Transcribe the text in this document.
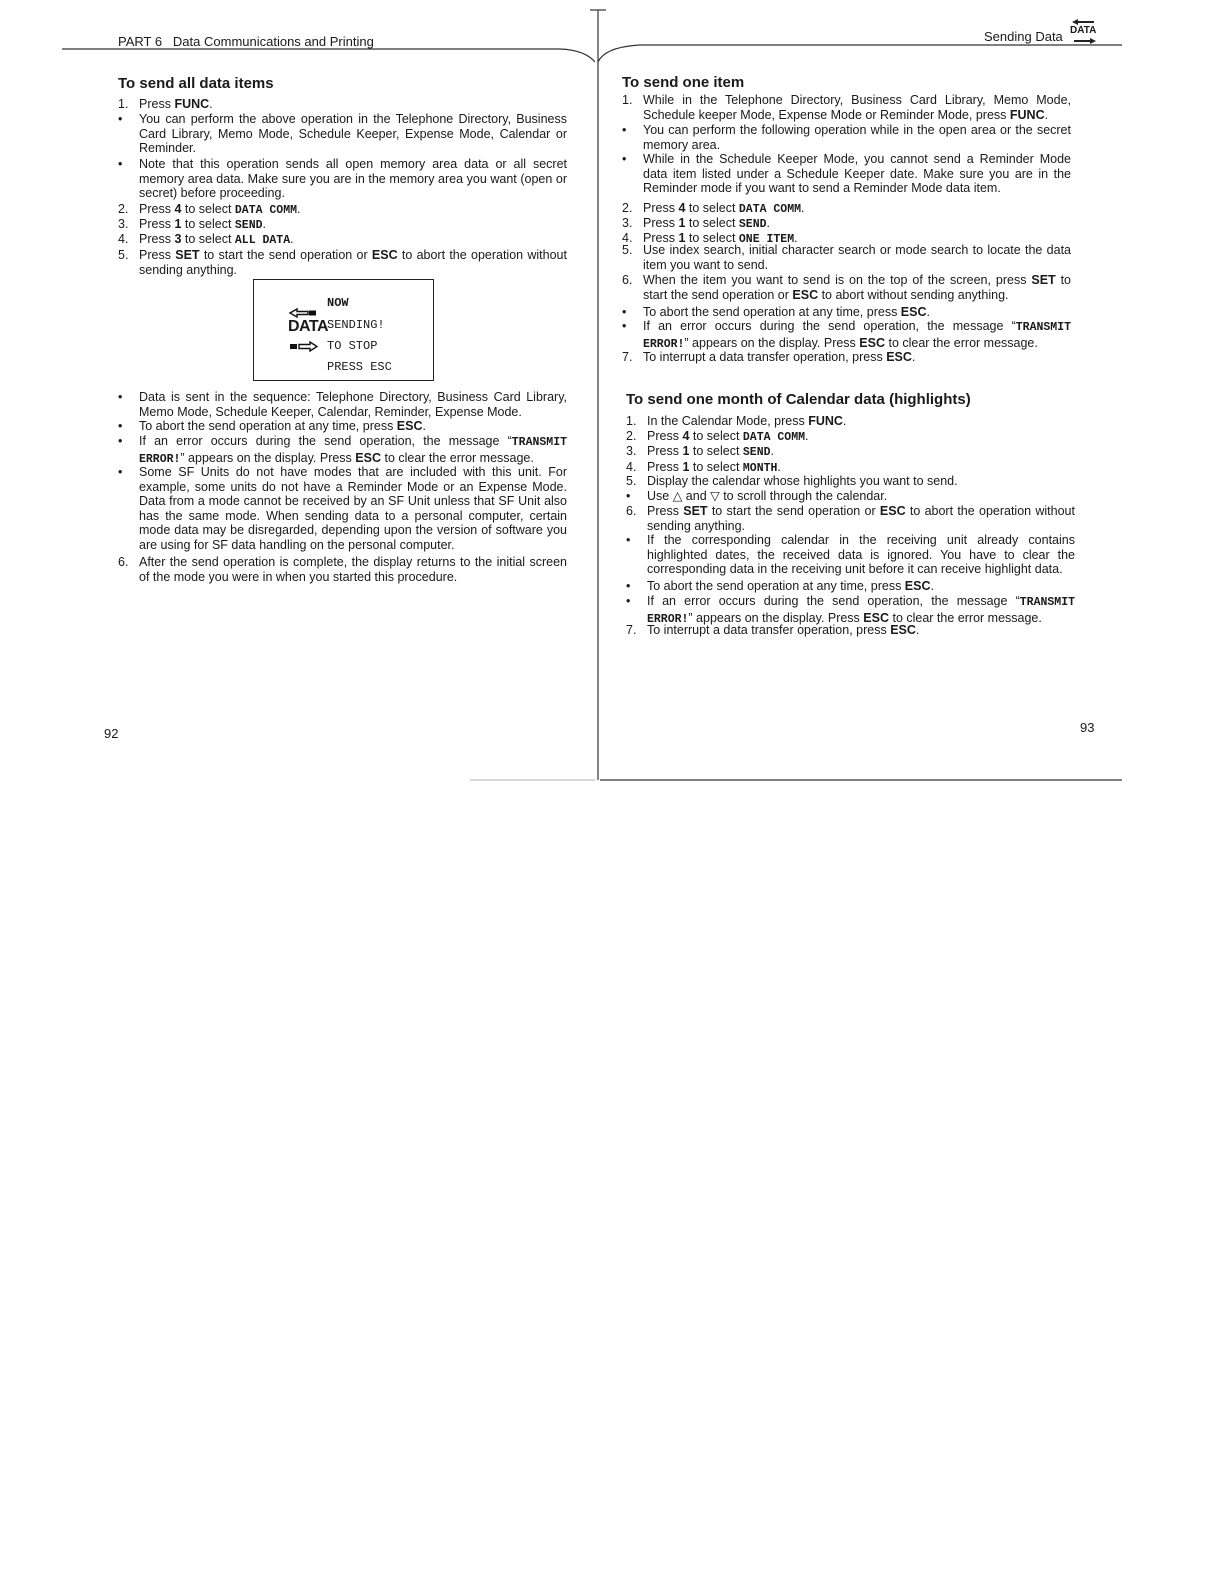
PART 6 Data Communications and Printing	Sending Data DATA
To send all data items
1. Press FUNC.
•	You can perform the above operation in the Telephone Directory, Business Card Library, Memo Mode, Schedule Keeper, Expense Mode, Calendar or Reminder.
•	Note that this operation sends all open memory area data or all secret memory area data. Make sure you are in the memory area you want (open or secret) before proceeding.
2. Press 4 to select DATA COMM.
3. Press 1 to select SEND.
4. Press 3 to select ALL DATA.
5. Press SET to start the send operation or ESC to abort the operation without sending anything.
NOW
DATA
SENDING!
TO STOP
PRESS ESC
•	Data is sent in the sequence: Telephone Directory, Business Card Library, Memo Mode, Schedule Keeper, Calendar, Reminder, Expense Mode.
•	To abort the send operation at any time, press ESC.
•	If an error occurs during the send operation, the message “TRANSMIT ERROR!” appears on the display. Press ESC to clear the error message.
•	Some SF Units do not have modes that are included with this unit. For example, some units do not have a Reminder Mode or an Expense Mode. Data from a mode cannot be received by an SF Unit unless that SF Unit also has the same mode. When sending data to a personal computer, certain mode data may be disregarded, depending upon the version of software you are using for SF data handling on the personal computer.
6. After the send operation is complete, the display returns to the initial screen of the mode you were in when you started this procedure.
92
To send one item
1. While in the Telephone Directory, Business Card Library, Memo Mode, Schedule keeper Mode, Expense Mode or Reminder Mode, press FUNC.
•	You can perform the following operation while in the open area or the secret memory area.
•	While in the Schedule Keeper Mode, you cannot send a Reminder Mode data item listed under a Schedule Keeper date. Make sure you are in the Reminder mode if you want to send a Reminder Mode data item.
2. Press 4 to select DATA COMM.
3. Press 1 to select SEND.
4. Press 1 to select ONE ITEM.
5. Use index search, initial character search or mode search to locate the data item you want to send.
6. When the item you want to send is on the top of the screen, press SET to start the send operation or ESC to abort without sending anything.
•	To abort the send operation at any time, press ESC.
•	If an error occurs during the send operation, the message “TRANSMIT ERROR!” appears on the display. Press ESC to clear the error message.
7. To interrupt a data transfer operation, press ESC.
To send one month of Calendar data (highlights)
1. In the Calendar Mode, press FUNC.
2. Press 4 to select DATA COMM.
3. Press 1 to select SEND.
4. Press 1 to select MONTH.
5. Display the calendar whose highlights you want to send.
•	Use △ and ▽ to scroll through the calendar.
6. Press SET to start the send operation or ESC to abort the operation without sending anything.
•	If the corresponding calendar in the receiving unit already contains highlighted dates, the received data is ignored. You have to clear the corresponding data in the receiving unit before it can receive highlight data.
•	To abort the send operation at any time, press ESC.
•	If an error occurs during the send operation, the message “TRANSMIT ERROR!” appears on the display. Press ESC to clear the error message.
7. To interrupt a data transfer operation, press ESC.
93
